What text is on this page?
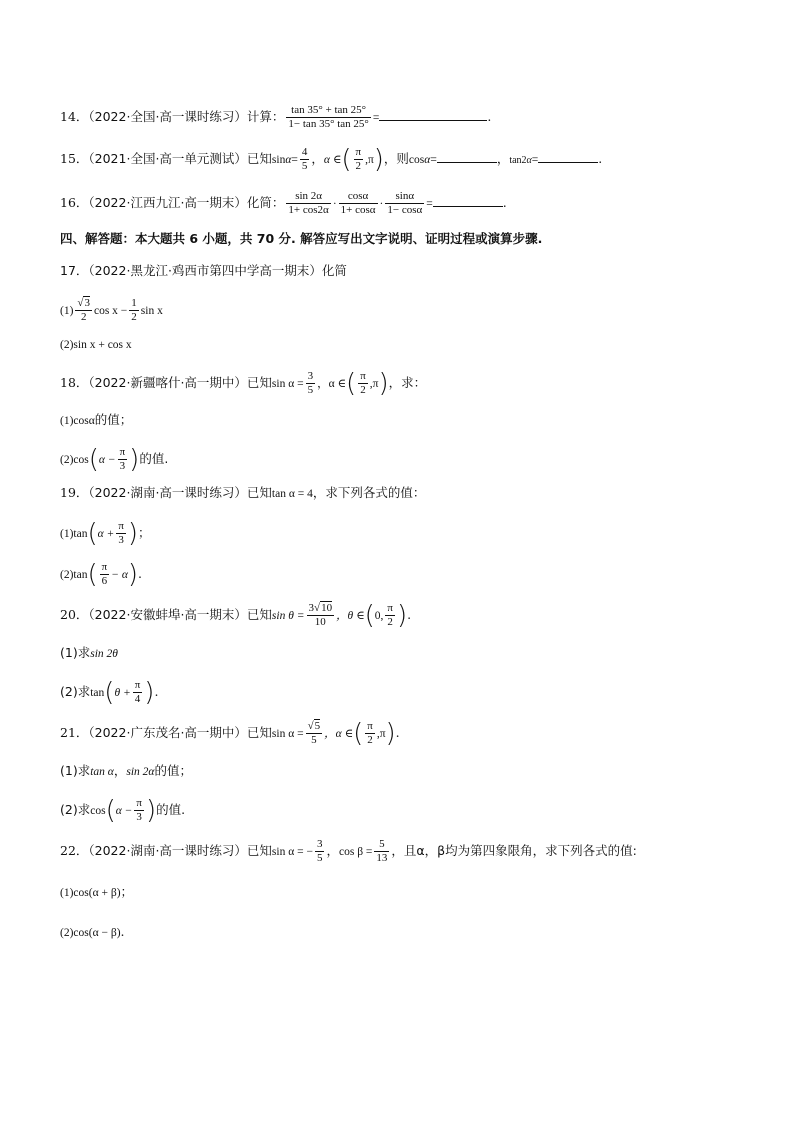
14．（2022·全国·高一课时练习）计算： $\frac{\tan 35^\circ + \tan 25^\circ}{1- \tan 35^\circ \tan 25^\circ}$ =	.
15．（2021·全国·高一单元测试）已知$\sin\alpha= \frac{4}{5}$ ，α ∈( $\frac{\pi}{2} ,\pi$)，则cosα=	，tan2α=	.
16．（2022·江西九江·高一期末）化简： $\frac{\sin 2\alpha}{1+ \cos 2\alpha} \cdot \frac{\cos\alpha}{1+ \cos\alpha} \cdot \frac{\sin\alpha}{1- \cos\alpha}$ =	.
四、解答题：本大题共 6 小题，共 70 分. 解答应写出文字说明、证明过程或演算步骤.
17．（2022·黑龙江·鸡西市第四中学高一期末）化简
$(1) \frac{√3}{2}$ $\cos x - \frac{1}{2}$ sin x
(2)sin x + cos x
18．（2022·新疆喀什·高一期中）已知$\sin \alpha = \frac{3}{5}$ ，α ∈( $\frac{\pi}{2} ,\pi$)，求：
(1)cosα的值；
$(2)\cos(\alpha - \frac{\pi}{3}$ )的值.
19．（2022·湖南·高一课时练习）已知tan α = 4，求下列各式的值：
$(1)\tan(\alpha + \frac{\pi}{3}$ )；
$(2)\tan( \frac{\pi}{6} - \alpha)$.
20．（2022·安徽蚌埠·高一期末）已知$\sin \theta = \frac{3√10}{10}$ ，θ ∈(0, $\frac{\pi}{2}$ ).
(1)求sin 2θ
(2)求$\tan(\theta + \frac{\pi}{4}$ ).
21．（2022·广东茂名·高一期中）已知$\sin \alpha = \frac{√5}{5}$ ，α ∈( $\frac{\pi}{2} ,\pi$).
(1)求tan α，sin 2α的值；
(2)求$\cos(\alpha - \frac{\pi}{3}$ )的值.
22．（2022·湖南·高一课时练习）已知sin α = − $\frac{3}{5}$ ，$\cos \beta = \frac{5}{13}$ ，且α，β均为第四象限角，求下列各式的值:
(1)cos(α + β)；
(2)cos(α − β).
